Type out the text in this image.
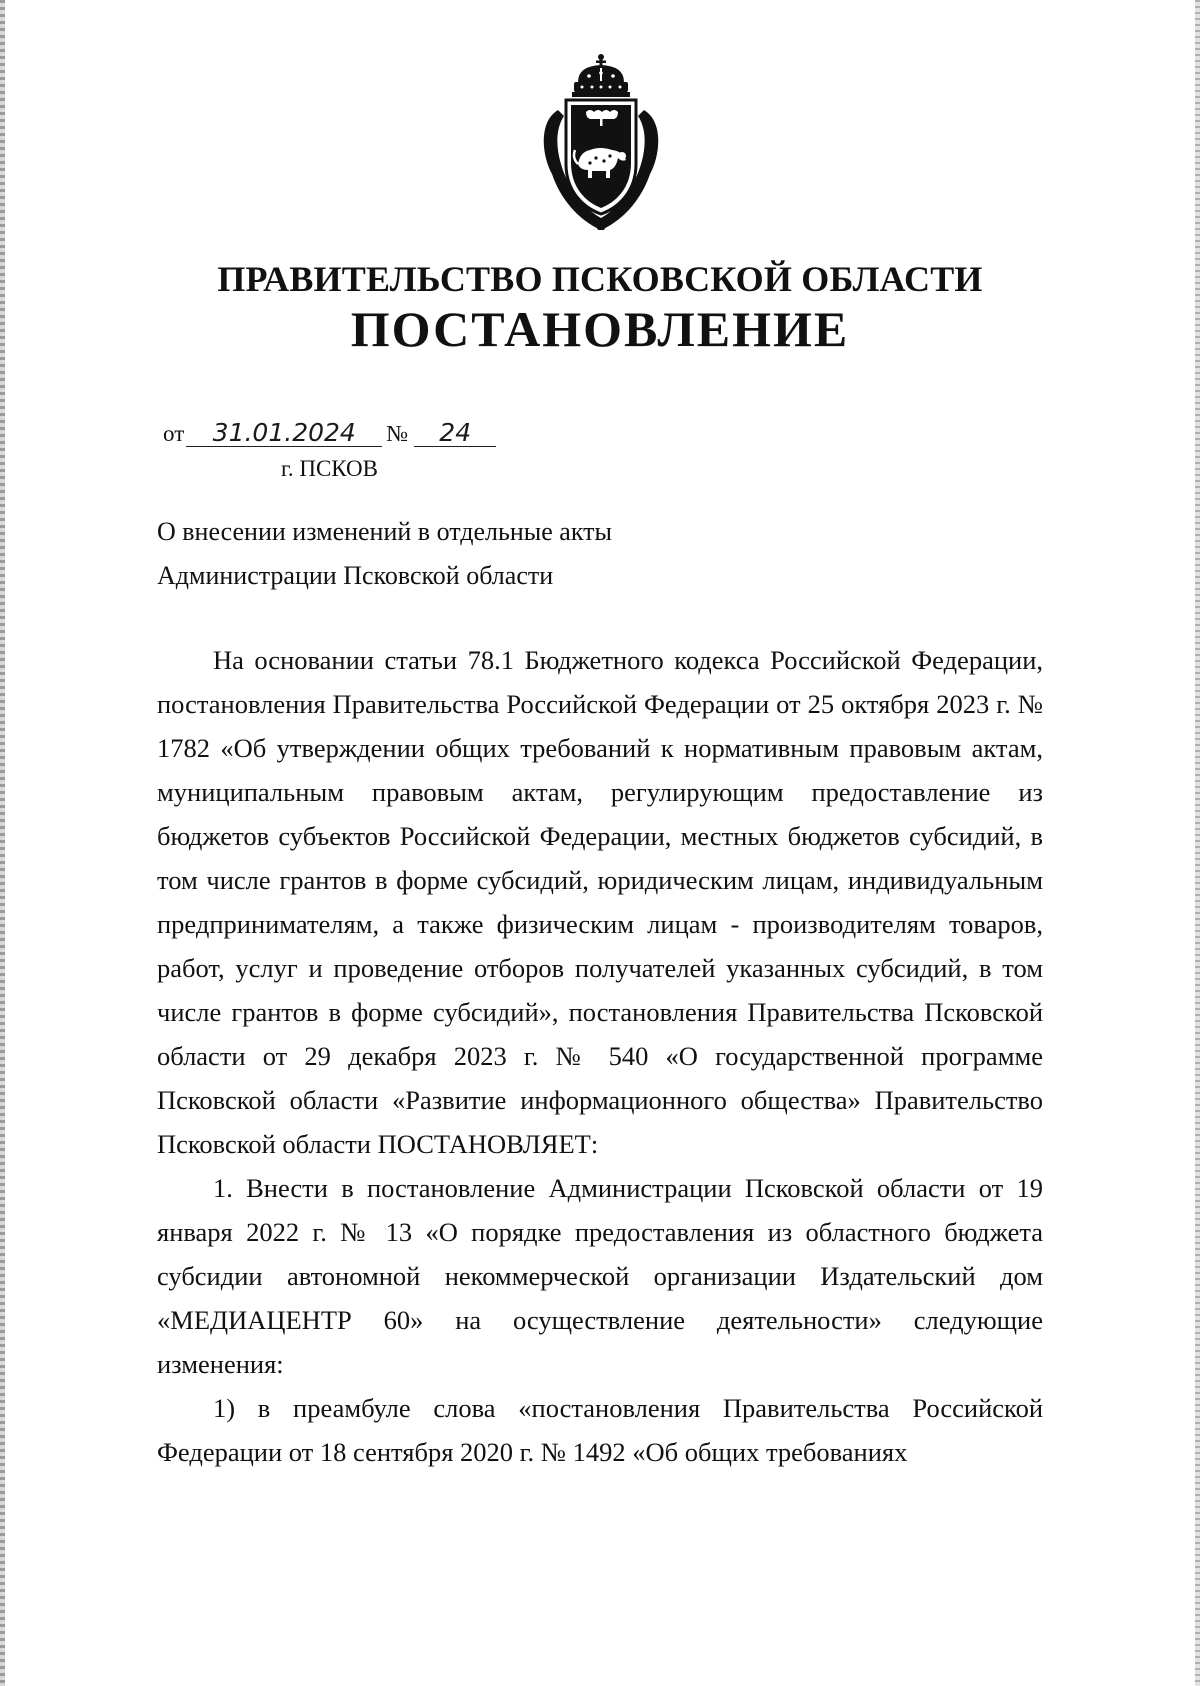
ПРАВИТЕЛЬСТВО ПСКОВСКОЙ ОБЛАСТИ
ПОСТАНОВЛЕНИЕ
от 31.01.2024 № 24
г. ПСКОВ
О внесении изменений в отдельные акты
Администрации Псковской области

На основании статьи 78.1 Бюджетного кодекса Российской Федерации, постановления Правительства Российской Федерации от 25 октября 2023 г. № 1782 «Об утверждении общих требований к нормативным правовым актам, муниципальным правовым актам, регулирующим предоставление из бюджетов субъектов Российской Федерации, местных бюджетов субсидий, в том числе грантов в форме субсидий, юридическим лицам, индивидуальным предпринимателям, а также физическим лицам - производителям товаров, работ, услуг и проведение отборов получателей указанных субсидий, в том числе грантов в форме субсидий», постановления Правительства Псковской области от 29 декабря 2023 г. № 540 «О государственной программе Псковской области «Развитие информационного общества» Правительство Псковской области ПОСТАНОВЛЯЕТ:

1. Внести в постановление Администрации Псковской области от 19 января 2022 г. № 13 «О порядке предоставления из областного бюджета субсидии автономной некоммерческой организации Издательский дом «МЕДИАЦЕНТР 60» на осуществление деятельности» следующие изменения:

1) в преамбуле слова «постановления Правительства Российской Федерации от 18 сентября 2020 г. № 1492 «Об общих требованиях
